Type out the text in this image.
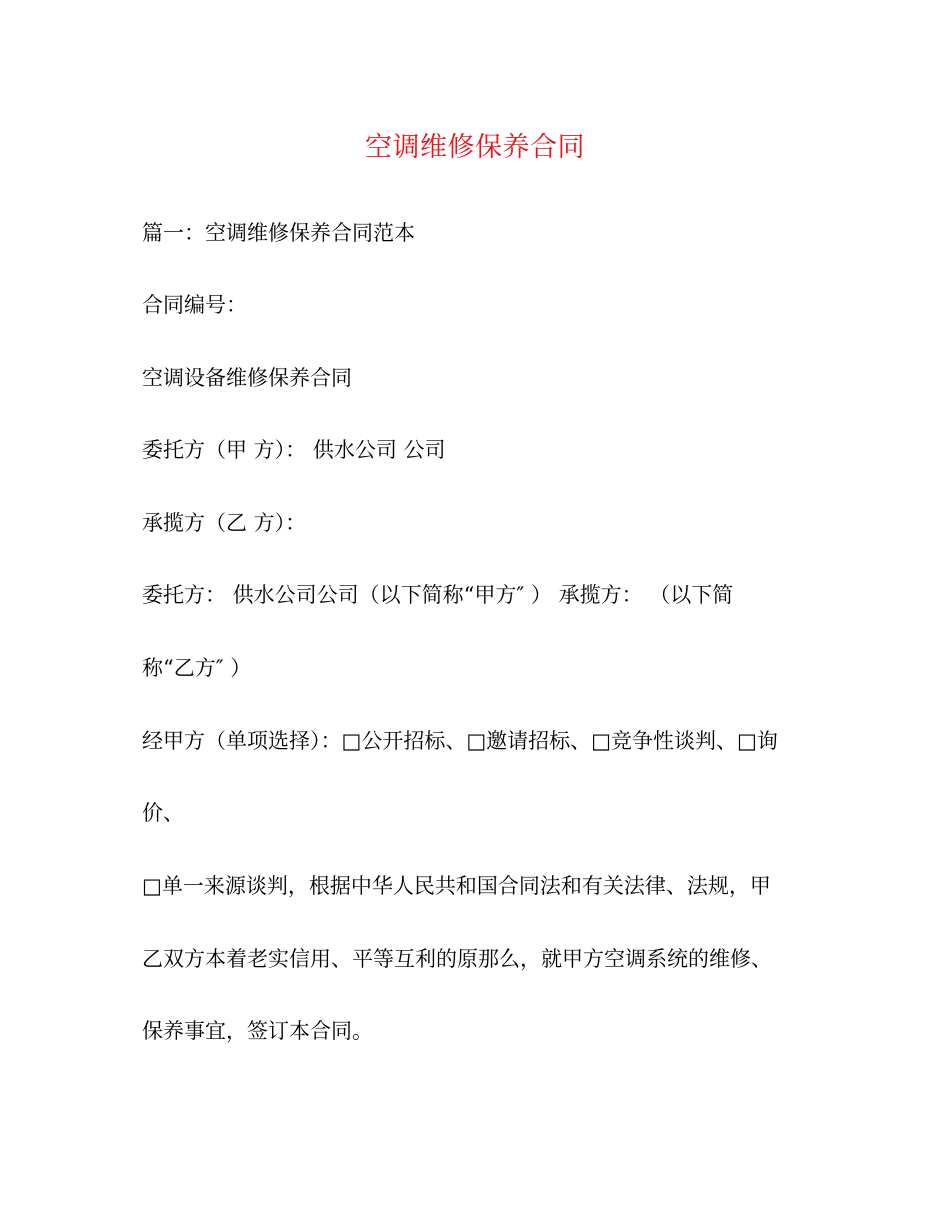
空调维修保养合同
篇一：空调维修保养合同范本
合同编号：
空调设备维修保养合同
委托方（甲 方）： 供水公司 公司
承揽方（乙 方）：
委托方： 供水公司公司（以下简称“甲方″ ） 承揽方： （以下简
称“乙方″ ）
经甲方（单项选择）：□公开招标、□邀请招标、□竞争性谈判、□询
价、
□单一来源谈判，根据中华人民共和国合同法和有关法律、法规，甲
乙双方本着老实信用、平等互利的原那么，就甲方空调系统的维修、
保养事宜，签订本合同。
